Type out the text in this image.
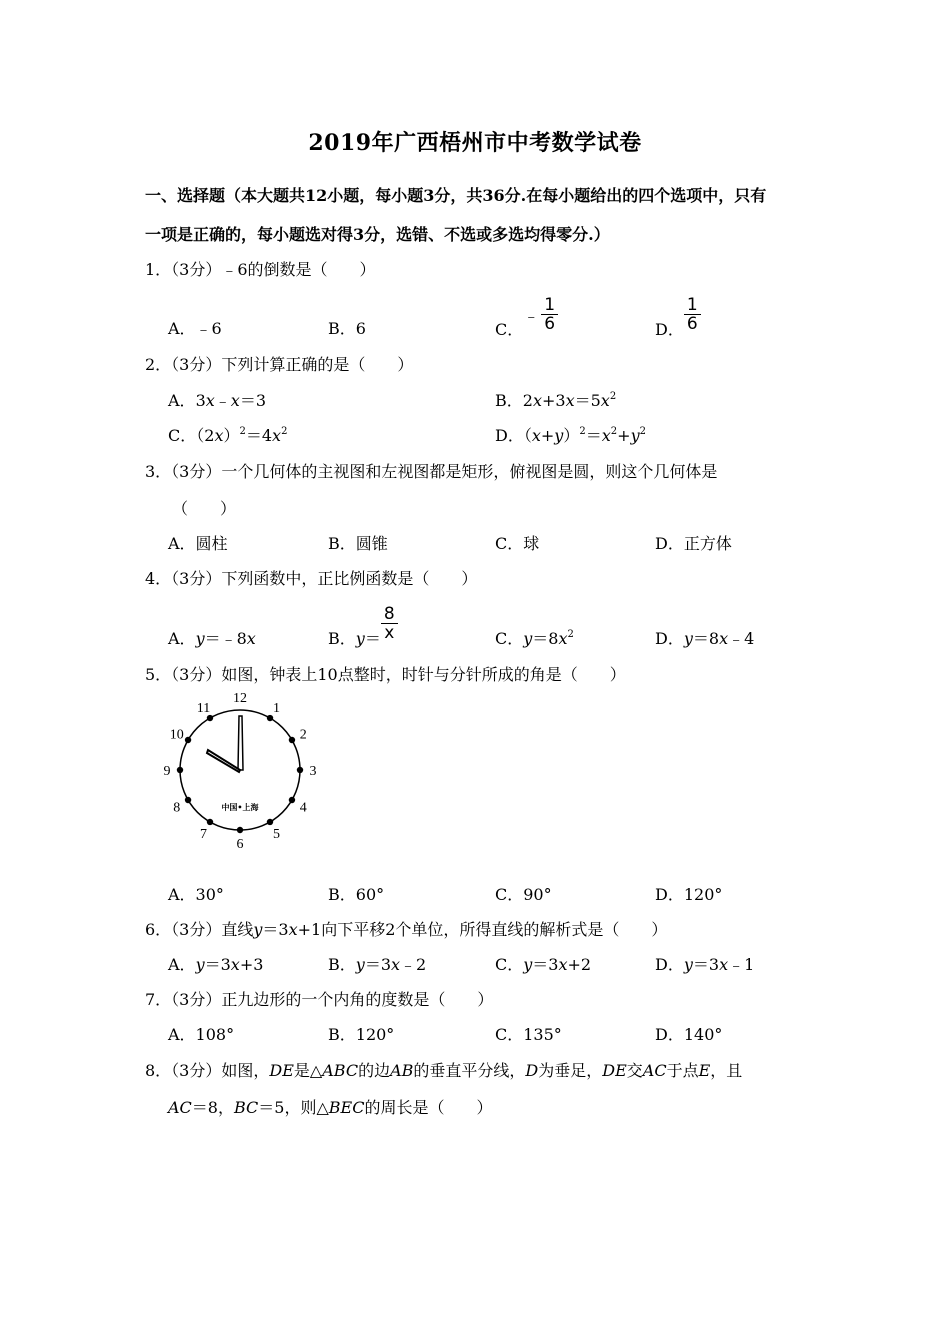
2019年广西梧州市中考数学试卷
一、选择题（本大题共12小题，每小题3分，共36分.在每小题给出的四个选项中，只有
一项是正确的，每小题选对得3分，选错、不选或多选均得零分.）
1．（3分）﹣6的倒数是（　　）
A．﹣6	B．6	C．﹣ $\frac{1}{6}$	D． $\frac{1}{6}$
2．（3分）下列计算正确的是（　　）
A．3x﹣x＝3	B．$2x+3x=5x^2$
C．$(2x)^2=4x^2$	D．$(x+y)^2=x^2+y^2$
3．（3分）一个几何体的主视图和左视图都是矩形，俯视图是圆，则这个几何体是
（　　）
A．圆柱	B．圆锥	C．球	D．正方体
4．（3分）下列函数中，正比例函数是（　　）
A．y＝﹣8x	B．$y= \frac{8}{x}$	C．$y=8x^2$	D．y＝8x﹣4
5．（3分）如图，钟表上10点整时，时针与分针所成的角是（　　）
12
1
2
3
4
5
6
7
8
9
10
11
中国•上海
A．30°	B．60°	C．90°	D．120°
6．（3分）直线y＝3x+1向下平移2个单位，所得直线的解析式是（　　）
A．y＝3x+3	B．y＝3x﹣2	C．y＝3x+2	D．y＝3x﹣1
7．（3分）正九边形的一个内角的度数是（　　）
A．108°	B．120°	C．135°	D．140°
8．（3分）如图，DE是△ABC的边AB的垂直平分线，D为垂足，DE交AC于点E，且
AC＝8，BC＝5，则△BEC的周长是（　　）
